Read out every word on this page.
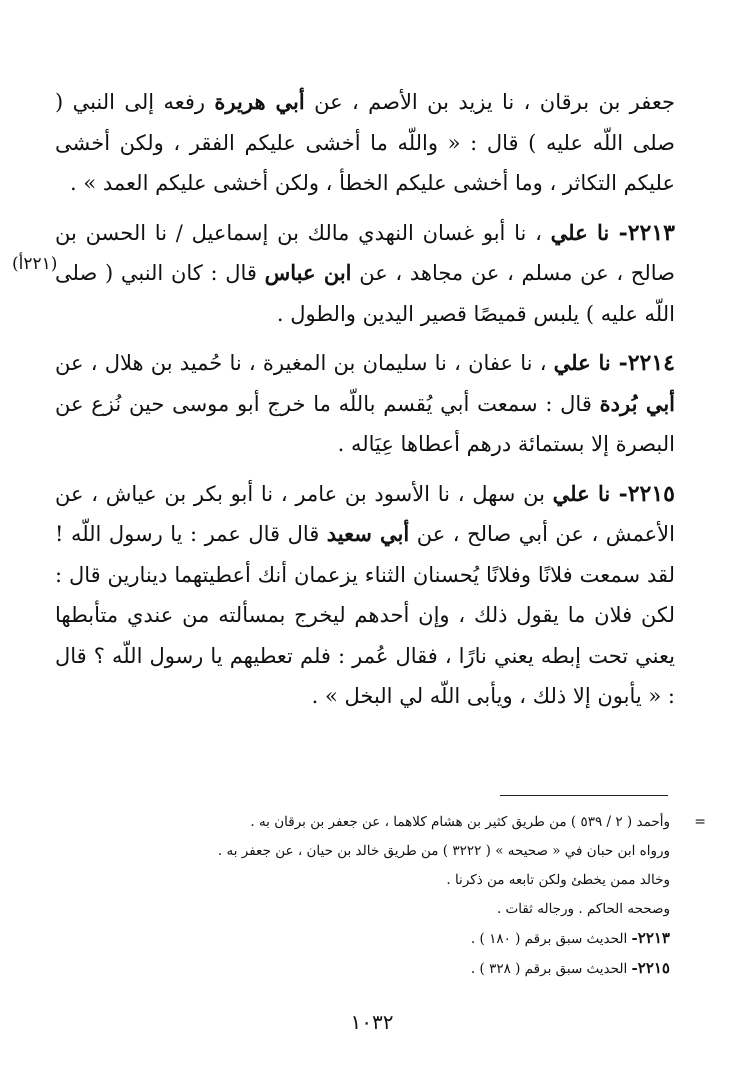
(٢٢١أ)

جعفر بن برقان ، نا يزيد بن الأصم ، عن أبي هريرة رفعه إلى النبي ( صلى اللّه عليه ) قال : « واللّه ما أخشى عليكم الفقر ، ولكن أخشى عليكم التكاثر ، وما أخشى عليكم الخطأ ، ولكن أخشى عليكم العمد » .

٢٢١٣- نا علي ، نا أبو غسان النهدي مالك بن إسماعيل / نا الحسن بن صالح ، عن مسلم ، عن مجاهد ، عن ابن عباس قال : كان النبي ( صلى اللّه عليه ) يلبس قميصًا قصير اليدين والطول .

٢٢١٤- نا علي ، نا عفان ، نا سليمان بن المغيرة ، نا حُميد بن هلال ، عن أبي بُردة قال : سمعت أبي يُقسم باللّه ما خرج أبو موسى حين نُزع عن البصرة إلا بستمائة درهم أعطاها عِيَاله .

٢٢١٥- نا علي بن سهل ، نا الأسود بن عامر ، نا أبو بكر بن عياش ، عن الأعمش ، عن أبي صالح ، عن أبي سعيد قال قال عمر : يا رسول اللّه ! لقد سمعت فلانًا وفلانًا يُحسنان الثناء يزعمان أنك أعطيتهما دينارين قال : لكن فلان ما يقول ذلك ، وإن أحدهم ليخرج بمسألته من عندي متأبطها يعني تحت إبطه يعني نارًا ، فقال عُمر : فلم تعطيهم يا رسول اللّه ؟ قال : « يأبون إلا ذلك ، ويأبى اللّه لي البخل » .

وأحمد ( ٢ / ٥٣٩ ) من طريق كثير بن هشام كلاهما ، عن جعفر بن برقان به . =

ورواه ابن حبان في « صحيحه » ( ٣٢٢٢ ) من طريق خالد بن حيان ، عن جعفر به .

وخالد ممن يخطئ ولكن تابعه من ذكرنا .

وصححه الحاكم . ورجاله ثقات .

٢٢١٣- الحديث سبق برقم ( ١٨٠ ) .

٢٢١٥- الحديث سبق برقم ( ٣٢٨ ) .

١٠٣٢
